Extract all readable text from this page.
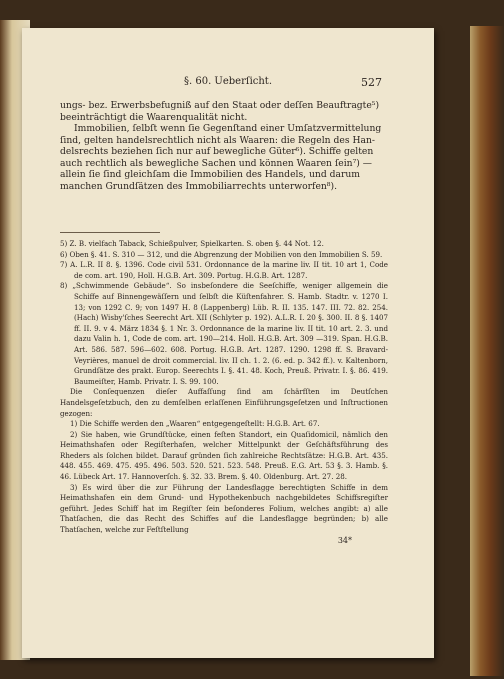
§. 60. Ueberſicht.	527

ungs- bez. Erwerbsbefugniß auf den Staat oder deſſen Beauftragte⁵)

beeinträchtigt die Waarenqualität nicht.

Immobilien, ſelbſt wenn ſie Gegenſtand einer Umſatzvermittelung

ſind, gelten handelsrechtlich nicht als Waaren: die Regeln des Han-

delsrechts beziehen ſich nur auf bewegliche Güter⁶). Schiffe gelten

auch rechtlich als bewegliche Sachen und können Waaren ſein⁷) —

allein ſie ſind gleichſam die Immobilien des Handels, und darum

manchen Grundſätzen des Immobiliarrechts unterworfen⁸).

5) Z. B. vielfach Taback, Schießpulver, Spielkarten. S. oben §. 44 Not. 12.

6) Oben §. 41. S. 310 — 312, und die Abgrenzung der Mobilien von den Immobilien S. 59.

7) A. L.R. II 8. §. 1396. Code civil 531. Ordonnance de la marine liv. II tit. 10 art 1, Code de com. art. 190, Holl. H.G.B. Art. 309. Portug. H.G.B. Art. 1287.

8) „Schwimmende Gebäude“. So insbeſondere die Seeſchiffe, weniger allgemein die Schiffe auf Binnengewäſſern und ſelbſt die Küſtenfahrer. S. Hamb. Stadtr. v. 1270 I. 13; von 1292 C. 9; von 1497 H. 8 (Lappenberg) Lüb. R. II. 135. 147. III. 72. 82. 254. (Hach) Wisby'ſches Seerecht Art. XII (Schlyter p. 192). A.L.R. I. 20 §. 300. II. 8 §. 1407 ff. II. 9. v 4. März 1834 §. 1 Nr. 3. Ordonnance de la marine liv. II tit. 10 art. 2. 3. und dazu Valin h. 1, Code de com. art. 190—214. Holl. H.G.B. Art. 309 —319. Span. H.G.B. Art. 586. 587. 596—602. 608. Portug. H.G.B. Art. 1287. 1290. 1298 ff. S. Bravard-Veyrières, manuel de droit commercial. liv. II ch. 1. 2. (6. ed. p. 342 ff.). v. Kaltenborn, Grundſätze des prakt. Europ. Seerechts I. §. 41. 48. Koch, Preuß. Privatr. I. §. 86. 419. Baumeiſter, Hamb. Privatr. I. S. 99. 100.

Die Conſequenzen dieſer Auffaſſung ſind am ſchärfſten im Deutſchen Handelsgeſetzbuch, den zu demſelben erlaſſenen Einführungsgeſetzen und Inſtructionen gezogen:

1) Die Schiffe werden den „Waaren“ entgegengeſtellt: H.G.B. Art. 67.

2) Sie haben, wie Grundſtücke, einen feſten Standort, ein Quaſidomicil, nämlich den Heimathshafen oder Regiſterhafen, welcher Mittelpunkt der Geſchäftsführung des Rheders als ſolchen bildet. Darauf gründen ſich zahlreiche Rechtsſätze: H.G.B. Art. 435. 448. 455. 469. 475. 495. 496. 503. 520. 521. 523. 548. Preuß. E.G. Art. 53 §. 3. Hamb. §. 46. Lübeck Art. 17. Hannoverſch. §. 32. 33. Brem. §. 40. Oldenburg. Art. 27. 28.

3) Es wird über die zur Führung der Landesflagge berechtigten Schiffe in dem Heimathshafen ein dem Grund- und Hypothekenbuch nachgebildetes Schiffsregiſter geführt. Jedes Schiff hat im Regiſter ſein beſonderes Folium, welches angibt: a) alle Thatſachen, die das Recht des Schiffes auf die Landesflagge begründen; b) alle Thatſachen, welche zur Feſtſtellung

34*
